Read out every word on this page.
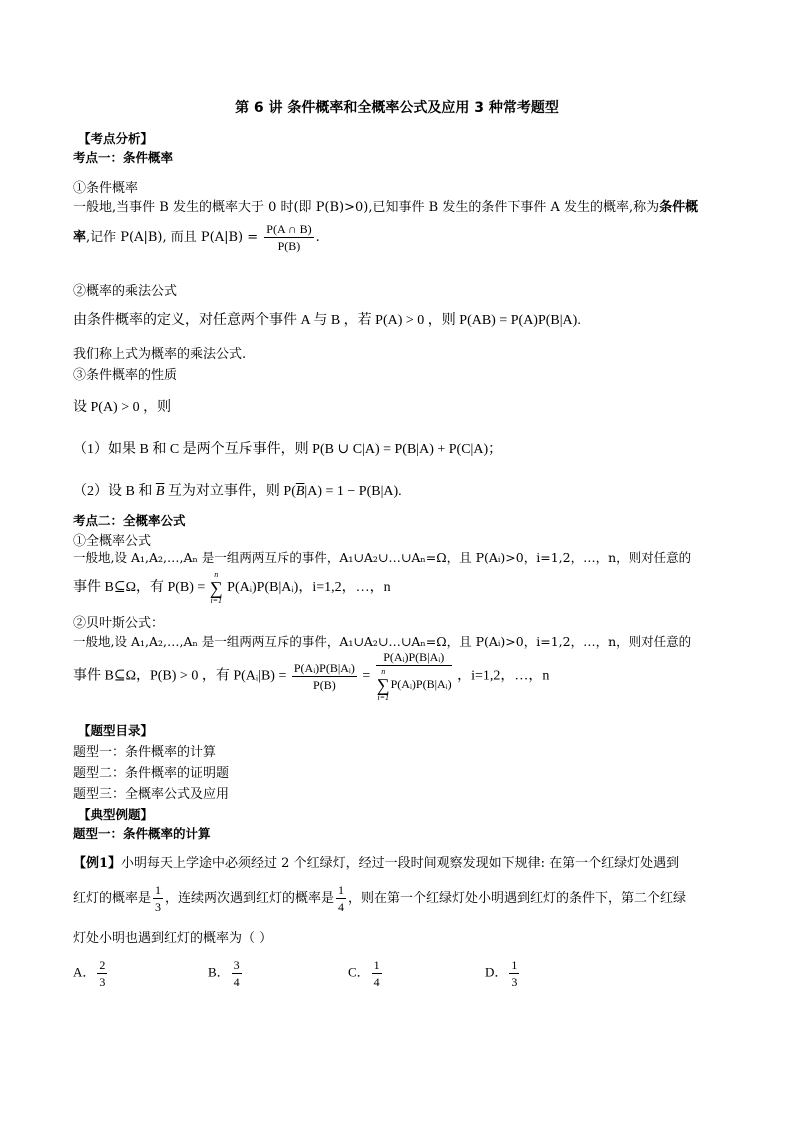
第 6 讲 条件概率和全概率公式及应用 3 种常考题型
【考点分析】
考点一：条件概率
①条件概率
一般地,当事件 B 发生的概率大于 0 时(即 P(B)>0),已知事件 B 发生的条件下事件 A 发生的概率,称为条件概
率,记作 P(A|B), 而且 $P(A|B) = \frac{P(A \cap B)}{P(B)}$ .
②概率的乘法公式
由条件概率的定义，对任意两个事件 A 与 B ，若 P(A) > 0 ，则 P(AB) = P(A)P(B|A).
我们称上式为概率的乘法公式.
③条件概率的性质
设 P(A) > 0 ，则
（1）如果 B 和 C 是两个互斥事件，则 P(B ∪ C|A) = P(B|A) + P(C|A)；
（2）设 B 和 $\overline{B}$ 互为对立事件，则 $P(\overline{B}|A) = 1 - P(B|A)$.
考点二：全概率公式
①全概率公式
一般地,设 A₁,A₂,…,Aₙ 是一组两两互斥的事件，A₁∪A₂∪…∪Aₙ=Ω，且 P(Aᵢ)>0，i=1,2，…，n，则对任意的
事件 B⊆Ω，有 P(B) =
n
∑
i=1
P(Aᵢ)P(B|Aᵢ)，i=1,2，…，n
②贝叶斯公式：
一般地,设 A₁,A₂,…,Aₙ 是一组两两互斥的事件，A₁∪A₂∪…∪Aₙ=Ω，且 P(Aᵢ)>0，i=1,2，…，n，则对任意的
事件 B⊆Ω，P(B) > 0 ，有 P(Aᵢ|B) = $\frac{\text{P(Aᵢ)P(B|Aᵢ)}}{P(B)}$ = P(Aᵢ)P(B|Aᵢ)
n
∑
i=1
P(Aᵢ)P(B|Aᵢ) ，i=1,2，…，n
【题型目录】
题型一：条件概率的计算
题型二：条件概率的证明题
题型三：全概率公式及应用
【典型例题】
题型一：条件概率的计算
【例1】小明每天上学途中必须经过 2 个红绿灯，经过一段时间观察发现如下规律: 在第一个红绿灯处遇到
红灯的概率是 $\frac{1}{3}$ ，连续两次遇到红灯的概率是 $\frac{1}{4}$ ，则在第一个红绿灯处小明遇到红灯的条件下，第二个红绿
灯处小明也遇到红灯的概率为（ ）
A． $\frac{2}{3}$	B． $\frac{3}{4}$	C． $\frac{1}{4}$	D． $\frac{1}{3}$
